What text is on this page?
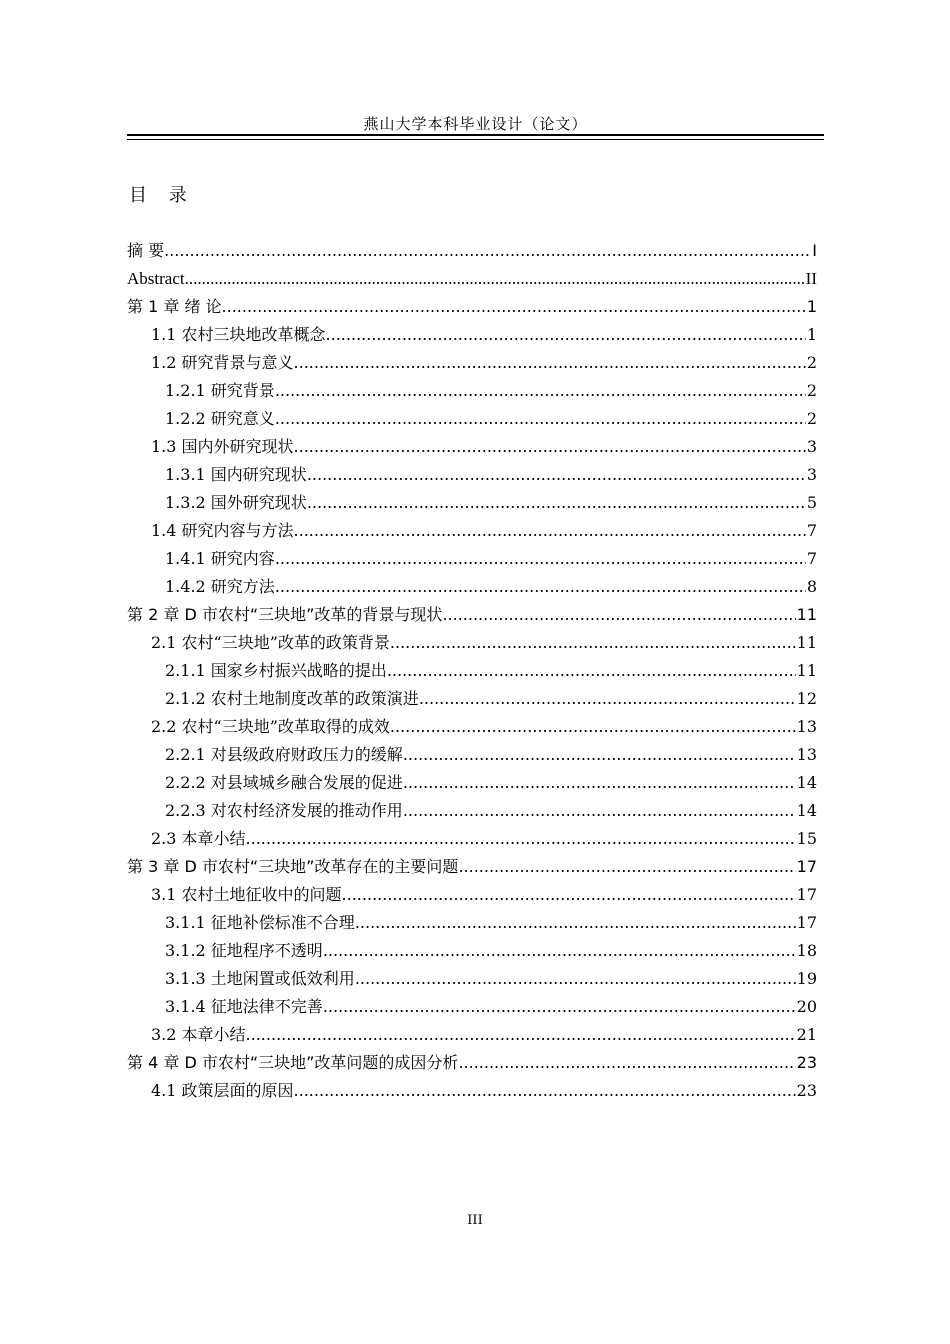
燕山大学本科毕业设计（论文）
目 录
摘 要 .....	I
Abstract .....	II
第 1 章 绪 论 .....	1
1.1 农村三块地改革概念 .....	1
1.2 研究背景与意义 .....	2
1.2.1 研究背景 .....	2
1.2.2 研究意义 .....	2
1.3 国内外研究现状 .....	3
1.3.1 国内研究现状 .....	3
1.3.2 国外研究现状 .....	5
1.4 研究内容与方法 .....	7
1.4.1 研究内容 .....	7
1.4.2 研究方法 .....	8
第 2 章 D 市农村“三块地”改革的背景与现状 .....	11
2.1 农村“三块地”改革的政策背景 .....	11
2.1.1 国家乡村振兴战略的提出 .....	11
2.1.2 农村土地制度改革的政策演进 .....	12
2.2 农村“三块地”改革取得的成效 .....	13
2.2.1 对县级政府财政压力的缓解 .....	13
2.2.2 对县域城乡融合发展的促进 .....	14
2.2.3 对农村经济发展的推动作用 .....	14
2.3 本章小结 .....	15
第 3 章 D 市农村“三块地”改革存在的主要问题 .....	17
3.1 农村土地征收中的问题 .....	17
3.1.1 征地补偿标准不合理 .....	17
3.1.2 征地程序不透明 .....	18
3.1.3 土地闲置或低效利用 .....	19
3.1.4 征地法律不完善 .....	20
3.2 本章小结 .....	21
第 4 章 D 市农村“三块地”改革问题的成因分析 .....	23
4.1 政策层面的原因 .....	23
III
